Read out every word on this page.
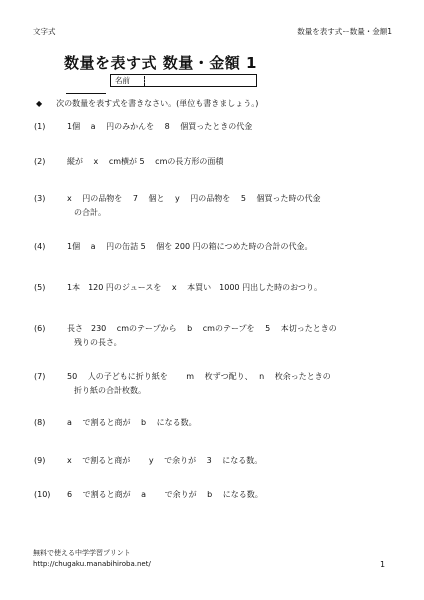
文字式	数量を表す式ー数量・金額1
数量を表す式 数量・金額 1
名前
◆ 次の数量を表す式を書きなさい。(単位も書きましょう。)
(1)	1個　 a 　円のみかんを　 8 　個買ったときの代金
(2)	縦が　 x 　cm横が 5 　cmの長方形の面積
(3)	x 　円の品物を　 7 　個と　 y 　円の品物を　 5 　個買った時の代金
の合計。
(4)	1個　 a 　円の缶詰 5 　個を 200 円の箱につめた時の合計の代金。
(5)	1本　120 円のジュースを　 x 　本買い　1000 円出した時のおつり。
(6)	長さ　230 　cmのテープから　 b 　cmのテープを　 5 　本切ったときの
残りの長さ。
(7)	50 　人の子どもに折り紙を　　 m 　枚ずつ配り、　 n 　枚余ったときの
折り紙の合計枚数。
(8)	a 　で割ると商が　 b 　になる数。
(9)	x 　で割ると商が　　 y 　で余りが　 3 　になる数。
(10) 6 　で割ると商が　 a 　　で余りが　 b 　になる数。
無料で使える中学学習プリント
http://chugaku.manabihiroba.net/	1
